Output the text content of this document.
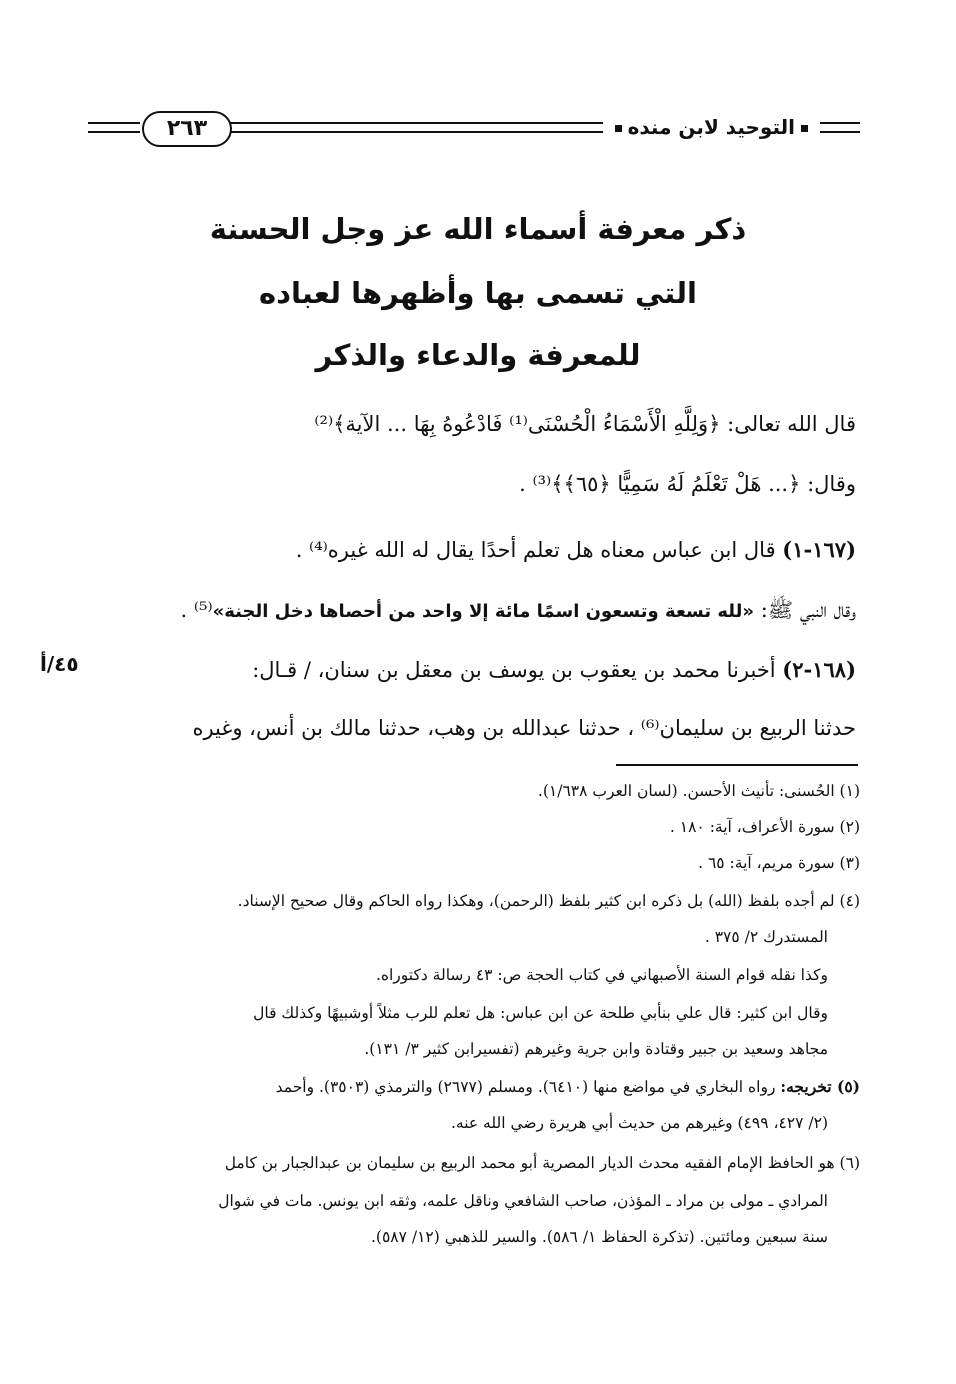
٢٦٣	التوحيد لابن منده
ذكر معرفة أسماء الله عز وجل الحسنة
التي تسمى بها وأظهرها لعباده
للمعرفة والدعاء والذكر
قال الله تعالى: ﴿وَلِلَّهِ الْأَسْمَاءُ الْحُسْنَى⁽¹⁾ فَادْعُوهُ بِهَا ... الآية﴾⁽²⁾
وقال: ﴿... هَلْ تَعْلَمُ لَهُ سَمِيًّا ﴿٦٥﴾﴾⁽³⁾ .
(١٦٧-١) قال ابن عباس معناه هل تعلم أحدًا يقال له الله غيره⁽⁴⁾ .
وقال النبي ﷺ: «لله تسعة وتسعون اسمًا مائة إلا واحد من أحصاها دخل الجنة»⁽⁵⁾ .
(١٦٨-٢) أخبرنا محمد بن يعقوب بن يوسف بن معقل بن سنان، / قـال:
٤٥/أ
حدثنا الربيع بن سليمان⁽⁶⁾ ، حدثنا عبدالله بن وهب، حدثنا مالك بن أنس، وغيره
(١) الحُسنى: تأنيث الأحسن. (لسان العرب ١/٦٣٨).
(٢) سورة الأعراف، آية: ١٨٠ .
(٣) سورة مريم، آية: ٦٥ .
(٤) لم أجده بلفظ (الله) بل ذكره ابن كثير بلفظ (الرحمن)، وهكذا رواه الحاكم وقال صحيح الإسناد.
المستدرك ٢/ ٣٧٥ .
وكذا نقله قوام السنة الأصبهاني في كتاب الحجة ص: ٤٣ رسالة دكتوراه.
وقال ابن كثير: قال علي بنأبي طلحة عن ابن عباس: هل تعلم للرب مثلاً أوشبيهًا وكذلك قال
مجاهد وسعيد بن جبير وقتادة وابن جرية وغيرهم (تفسيرابن كثير ٣/ ١٣١).
(٥) تخريجه: رواه البخاري في مواضع منها (٦٤١٠). ومسلم (٢٦٧٧) والترمذي (٣٥٠٣). وأحمد
(٢/ ٤٢٧، ٤٩٩) وغيرهم من حديث أبي هريرة رضي الله عنه.
(٦) هو الحافظ الإمام الفقيه محدث الديار المصرية أبو محمد الربيع بن سليمان بن عبدالجبار بن كامل
المرادي ـ مولى بن مراد ـ المؤذن، صاحب الشافعي وناقل علمه، وثقه ابن يونس. مات في شوال
سنة سبعين ومائتين. (تذكرة الحفاظ ١/ ٥٨٦). والسير للذهبي (١٢/ ٥٨٧).
